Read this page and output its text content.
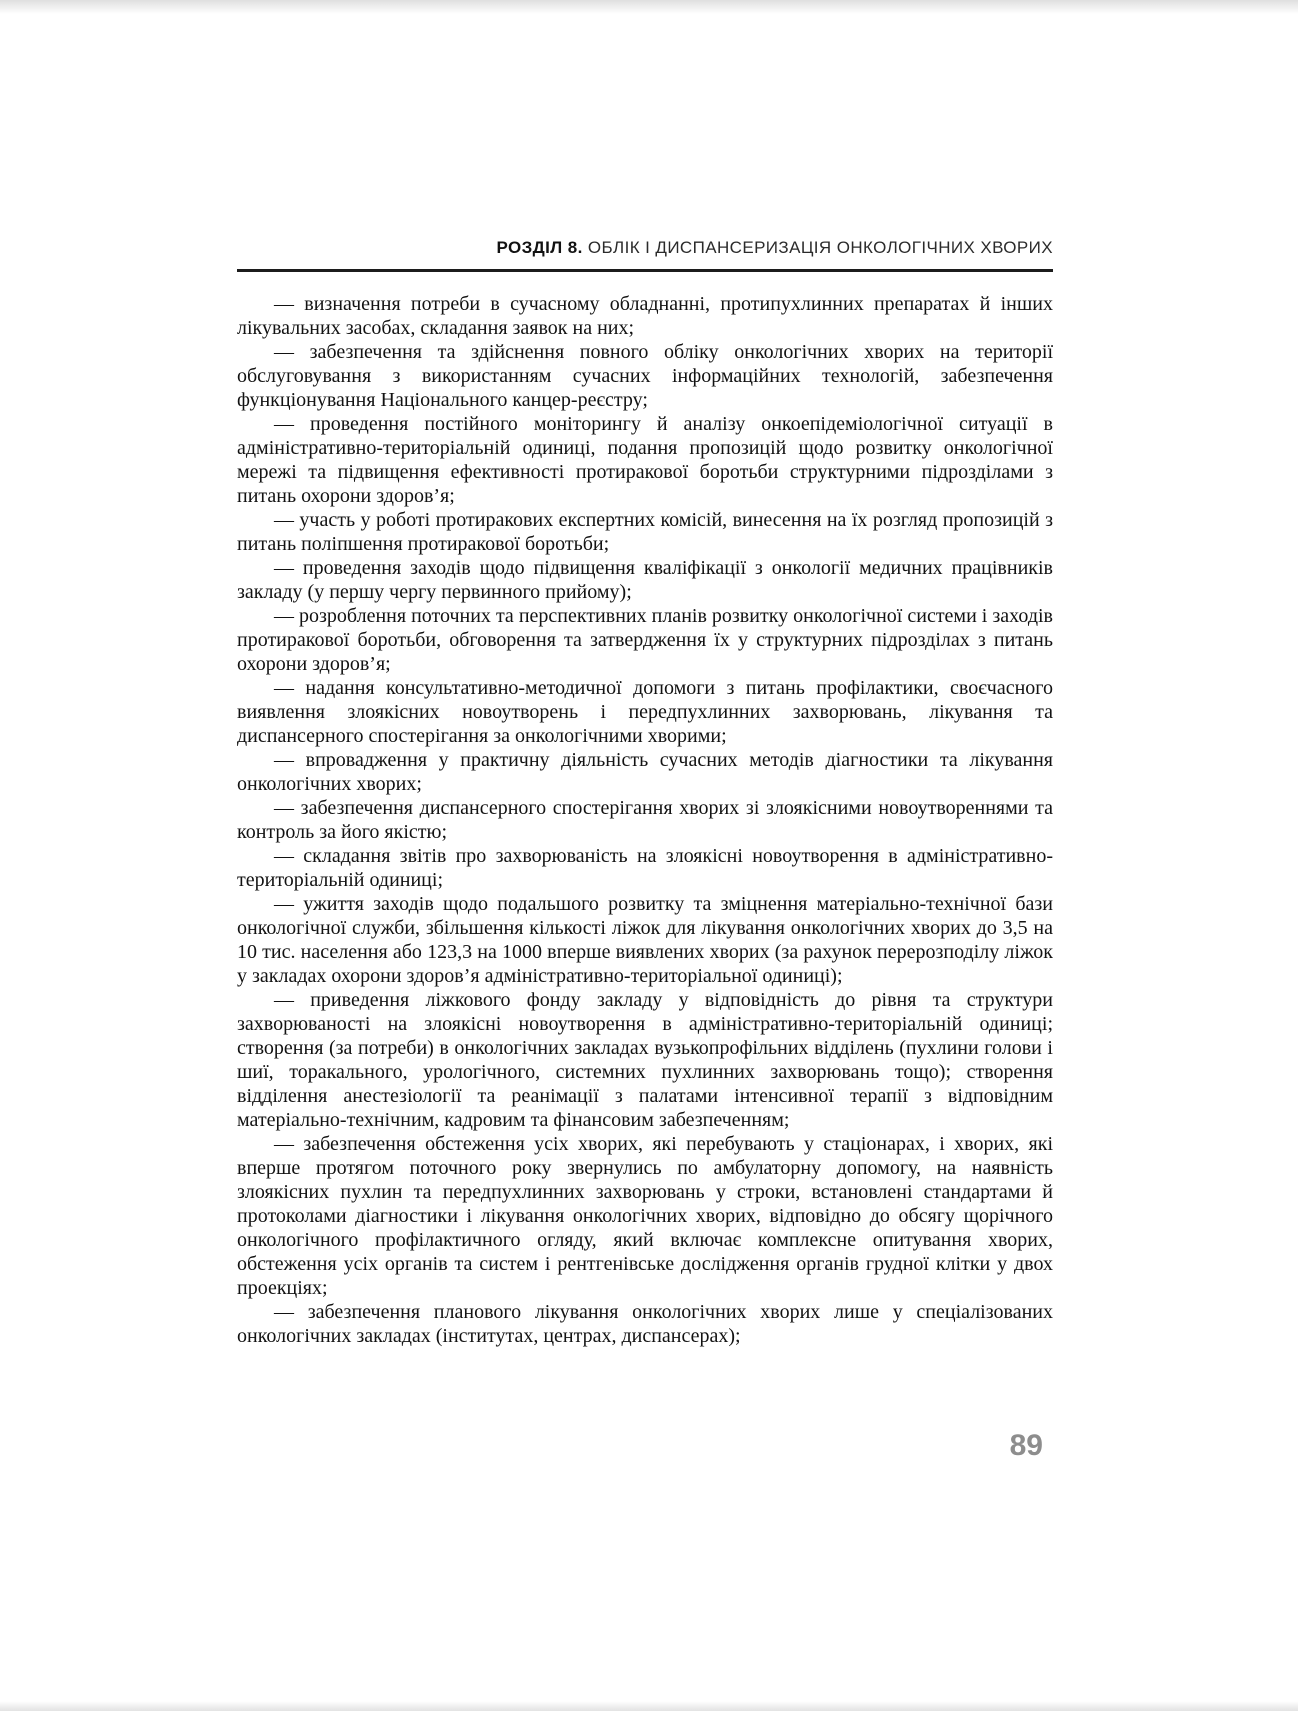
РОЗДІЛ 8. ОБЛІК І ДИСПАНСЕРИЗАЦІЯ ОНКОЛОГІЧНИХ ХВОРИХ

— визначення потреби в сучасному обладнанні, протипухлинних препаратах й інших лікувальних засобах, складання заявок на них;

— забезпечення та здійснення повного обліку онкологічних хворих на території обслуговування з використанням сучасних інформаційних технологій, забезпечення функціонування Національного канцер-реєстру;

— проведення постійного моніторингу й аналізу онкоепідеміологічної ситуації в адміністративно-територіальній одиниці, подання пропозицій щодо розвитку онкологічної мережі та підвищення ефективності протиракової боротьби структурними підрозділами з питань охорони здоров’я;

— участь у роботі протиракових експертних комісій, винесення на їх розгляд пропозицій з питань поліпшення протиракової боротьби;

— проведення заходів щодо підвищення кваліфікації з онкології медичних працівників закладу (у першу чергу первинного прийому);

— розроблення поточних та перспективних планів розвитку онкологічної системи і заходів протиракової боротьби, обговорення та затвердження їх у структурних підрозділах з питань охорони здоров’я;

— надання консультативно-методичної допомоги з питань профілактики, своєчасного виявлення злоякісних новоутворень і передпухлинних захворювань, лікування та диспансерного спостерігання за онкологічними хворими;

— впровадження у практичну діяльність сучасних методів діагностики та лікування онкологічних хворих;

— забезпечення диспансерного спостерігання хворих зі злоякісними новоутвореннями та контроль за його якістю;

— складання звітів про захворюваність на злоякісні новоутворення в адміністративно-територіальній одиниці;

— ужиття заходів щодо подальшого розвитку та зміцнення матеріально-технічної бази онкологічної служби, збільшення кількості ліжок для лікування онкологічних хворих до 3,5 на 10 тис. населення або 123,3 на 1000 вперше виявлених хворих (за рахунок перерозподілу ліжок у закладах охорони здоров’я адміністративно-територіальної одиниці);

— приведення ліжкового фонду закладу у відповідність до рівня та структури захворюваності на злоякісні новоутворення в адміністративно-територіальній одиниці; створення (за потреби) в онкологічних закладах вузькопрофільних відділень (пухлини голови і шиї, торакального, урологічного, системних пухлинних захворювань тощо); створення відділення анестезіології та реанімації з палатами інтенсивної терапії з відповідним матеріально-технічним, кадровим та фінансовим забезпеченням;

— забезпечення обстеження усіх хворих, які перебувають у стаціонарах, і хворих, які вперше протягом поточного року звернулись по амбулаторну допомогу, на наявність злоякісних пухлин та передпухлинних захворювань у строки, встановлені стандартами й протоколами діагностики і лікування онкологічних хворих, відповідно до обсягу щорічного онкологічного профілактичного огляду, який включає комплексне опитування хворих, обстеження усіх органів та систем і рентгенівське дослідження органів грудної клітки у двох проекціях;

— забезпечення планового лікування онкологічних хворих лише у спеціалізованих онкологічних закладах (інститутах, центрах, диспансерах);

89
